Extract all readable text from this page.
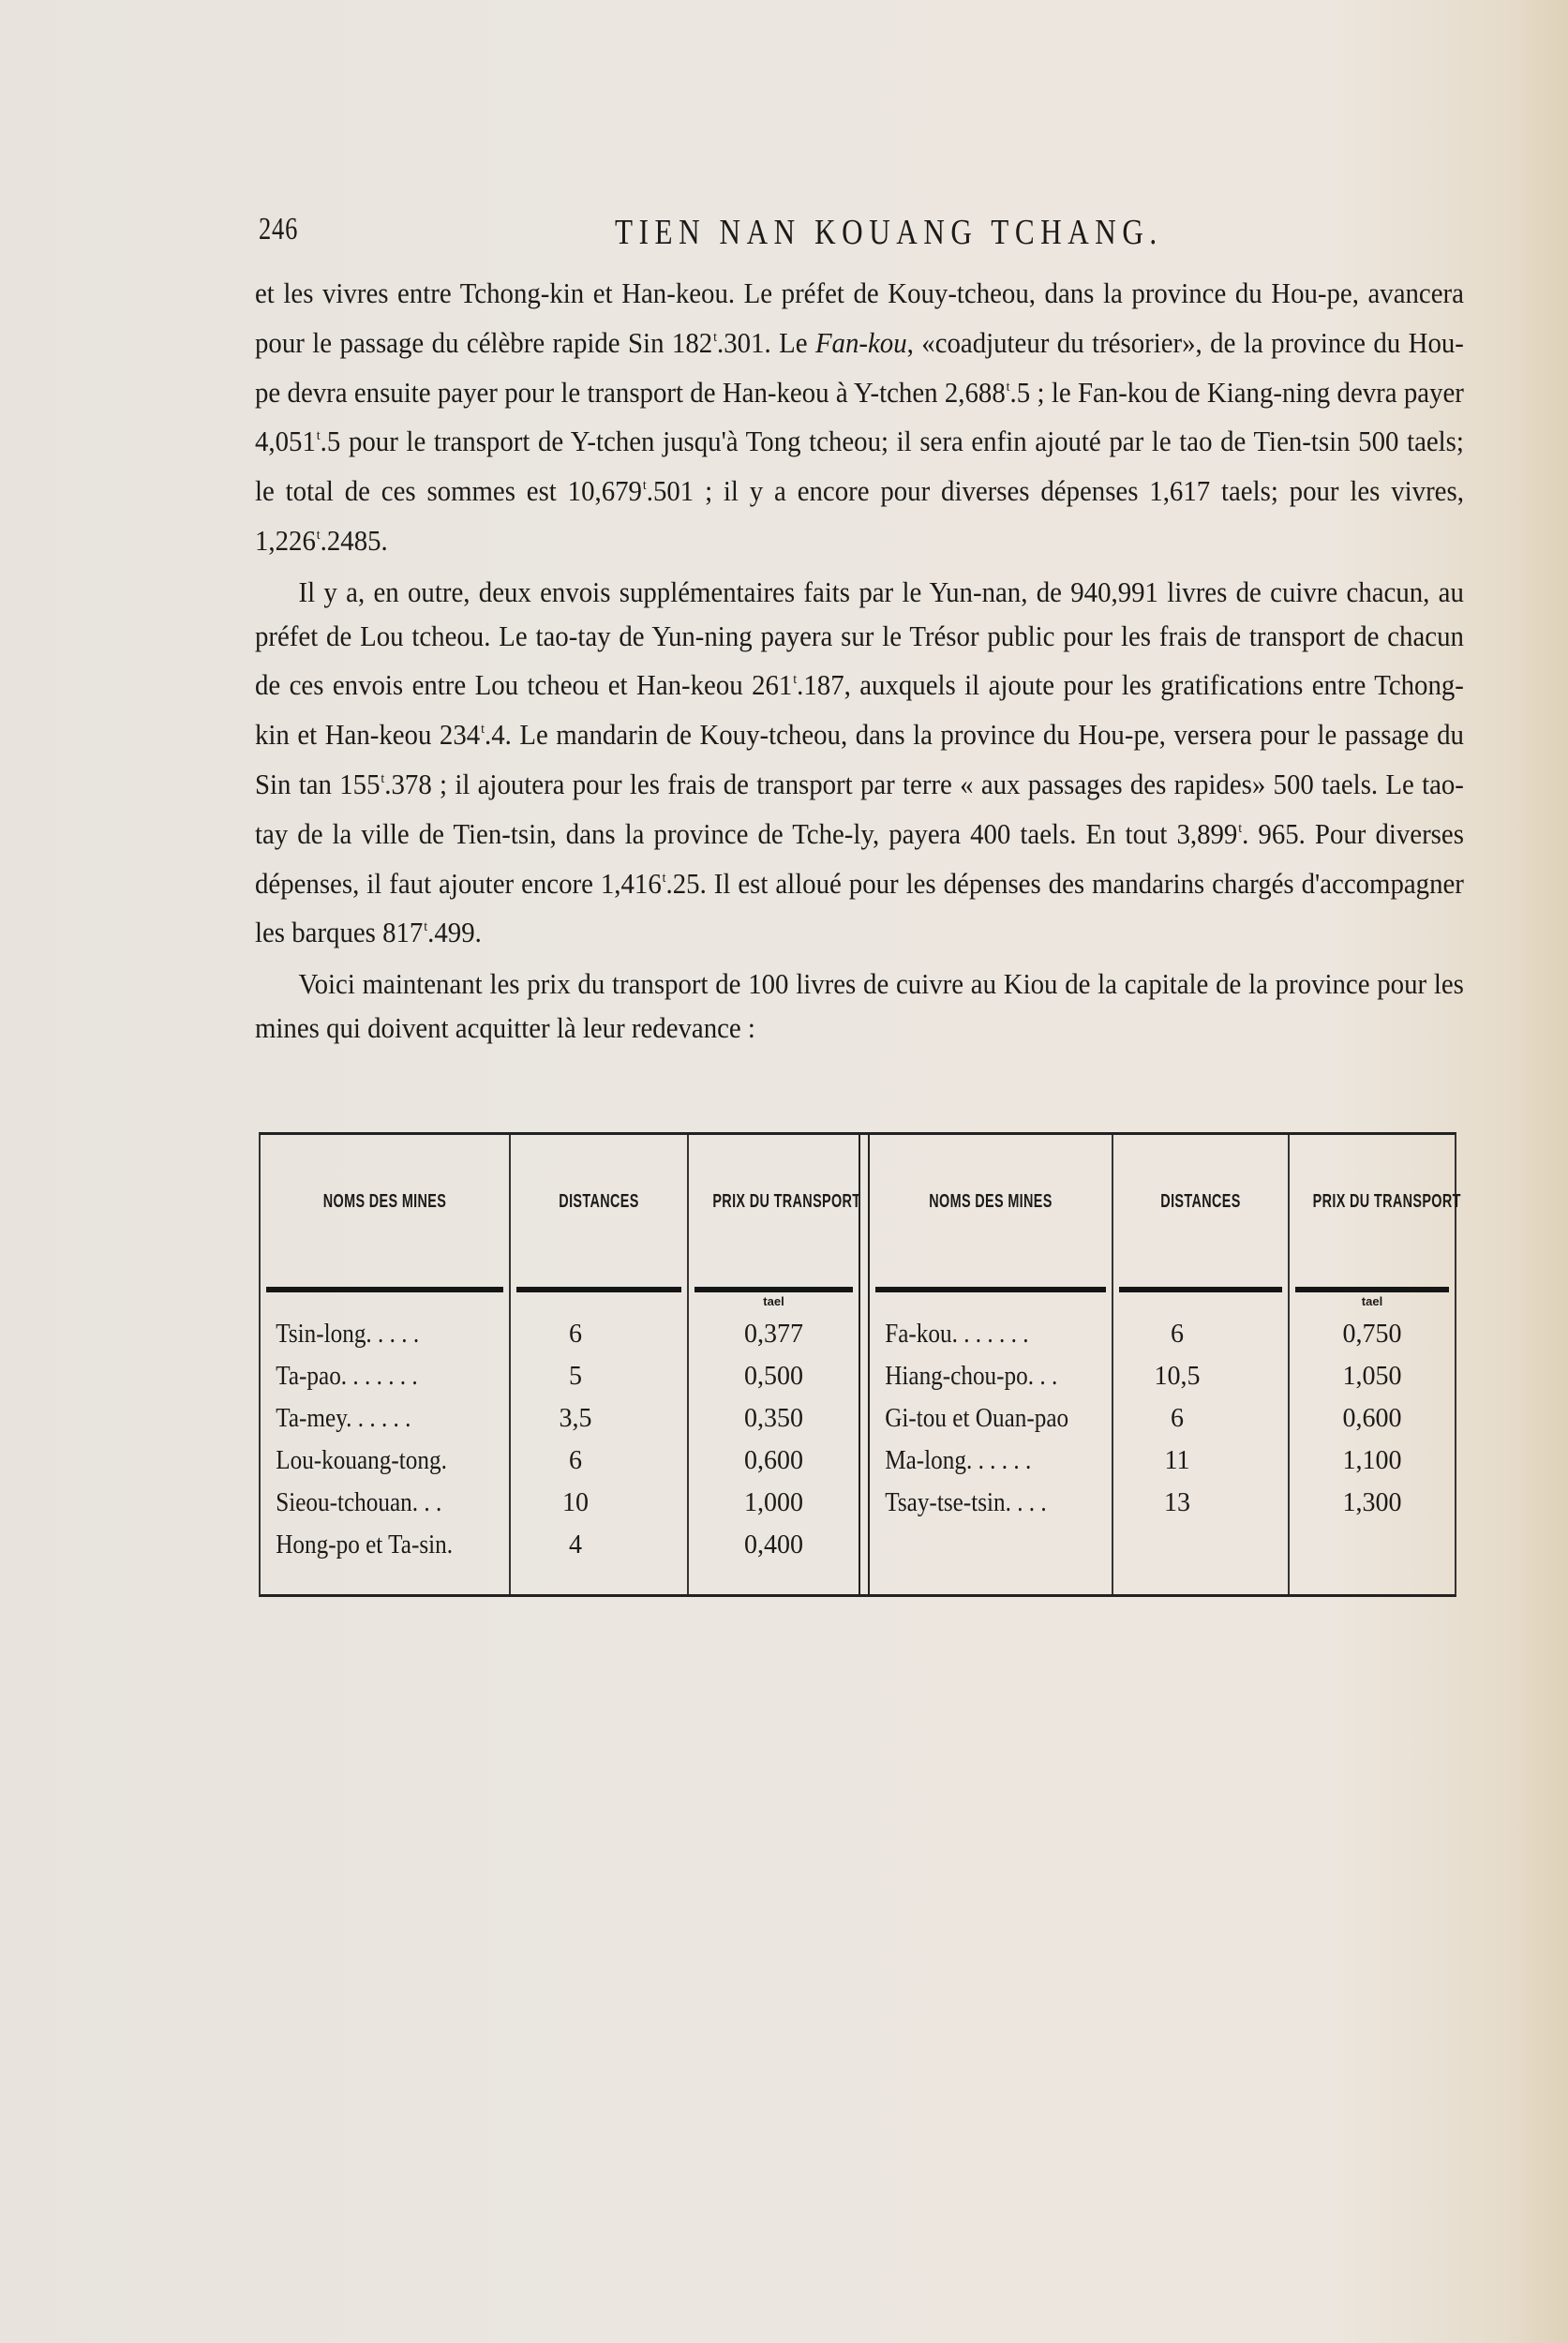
246	TIEN NAN KOUANG TCHANG.

et les vivres entre Tchong-kin et Han-keou. Le préfet de Kouy-tcheou, dans la province du Hou-pe, avancera pour le passage du célèbre rapide Sin 182$^t$.301. Le Fan-kou, «coadjuteur du trésorier», de la province du Hou-pe devra ensuite payer pour le transport de Han-keou à Y-tchen 2,688$^t$.5 ; le Fan-kou de Kiang-ning devra payer 4,051$^t$.5 pour le transport de Y-tchen jusqu'à Tong tcheou; il sera enfin ajouté par le tao de Tien-tsin 500 taels; le total de ces sommes est 10,679$^t$.501 ; il y a encore pour diverses dépenses 1,617 taels; pour les vivres, 1,226$^t$.2485.

Il y a, en outre, deux envois supplémentaires faits par le Yun-nan, de 940,991 livres de cuivre chacun, au préfet de Lou tcheou. Le tao-tay de Yun-ning payera sur le Trésor public pour les frais de transport de chacun de ces envois entre Lou tcheou et Han-keou 261$^t$.187, auxquels il ajoute pour les gratifications entre Tchong-kin et Han-keou 234$^t$.4. Le mandarin de Kouy-tcheou, dans la province du Hou-pe, versera pour le passage du Sin tan 155$^t$.378 ; il ajoutera pour les frais de transport par terre « aux passages des rapides» 500 taels. Le tao-tay de la ville de Tien-tsin, dans la province de Tche-ly, payera 400 taels. En tout 3,899$^t$. 965. Pour diverses dépenses, il faut ajouter encore 1,416$^t$.25. Il est alloué pour les dépenses des mandarins chargés d'accompagner les barques 817$^t$.499.

Voici maintenant les prix du transport de 100 livres de cuivre au Kiou de la capitale de la province pour les mines qui doivent acquitter là leur redevance :

NOMS DES MINES
Tsin-long. . . . .
Ta-pao. . . . . . .
Ta-mey. . . . . .
Lou-kouang-tong.
Sieou-tchouan. . .
Hong-po et Ta-sin.
DISTANCES
6
5
3,5
6
10
4
PRIX DU TRANSPORT
0,377
tael
0,500
0,350
0,600
1,000
0,400
NOMS DES MINES
Fa-kou. . . . . . .
Hiang-chou-po. . .
Gi-tou et Ouan-pao
Ma-long. . . . . .
Tsay-tse-tsin. . . .
DISTANCES
6
10,5
6
11
13
PRIX DU TRANSPORT
0,750
tael
1,050
0,600
1,100
1,300
